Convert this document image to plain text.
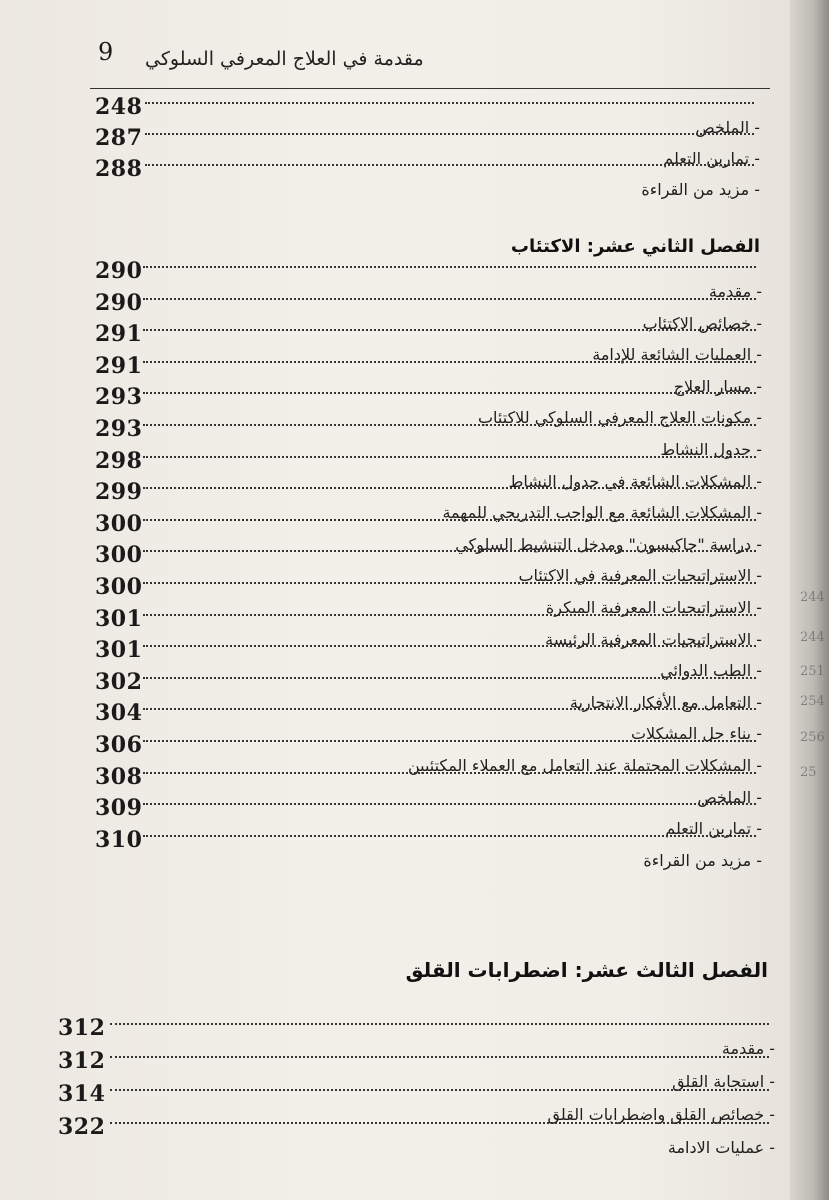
9 مقدمة في العلاج المعرفي السلوكي
248
- الملخص
287
- تمارين التعلم
288
- مزيد من القراءة
290
- مقدمة
290
- خصائص الاكتئاب
291
- العمليات الشائعة للإدامة
291
- مسار العلاج
293
- مكونات العلاج المعرفي السلوكي للاكتئاب
293
- جدول النشاط
298
- المشكلات الشائعة في جدول النشاط
299
- المشكلات الشائعة مع الواجب التدريجي للمهمة
300
- دراسة "جاكبسون" ومدخل التنشيط السلوكي
300
- الاستراتيجيات المعرفية في الاكتئاب
300
- الاستراتيجيات المعرفية المبكرة
301
- الاستراتيجيات المعرفية الرئيسة
301
- الطب الدوائي
302
- التعامل مع الأفكار الانتحارية
304
- بناء حل المشكلات
306
- المشكلات المحتملة عند التعامل مع العملاء المكتئبين
308
- الملخص
309
- تمارين التعلم
310
- مزيد من القراءة
312
- مقدمة
312
- استجابة القلق
314
- خصائص القلق واضطرابات القلق
322
- عمليات الادامة
الفصل الثاني عشر: الاكتئاب
الفصل الثالث عشر: اضطرابات القلق
244
244
251
254
256
25
